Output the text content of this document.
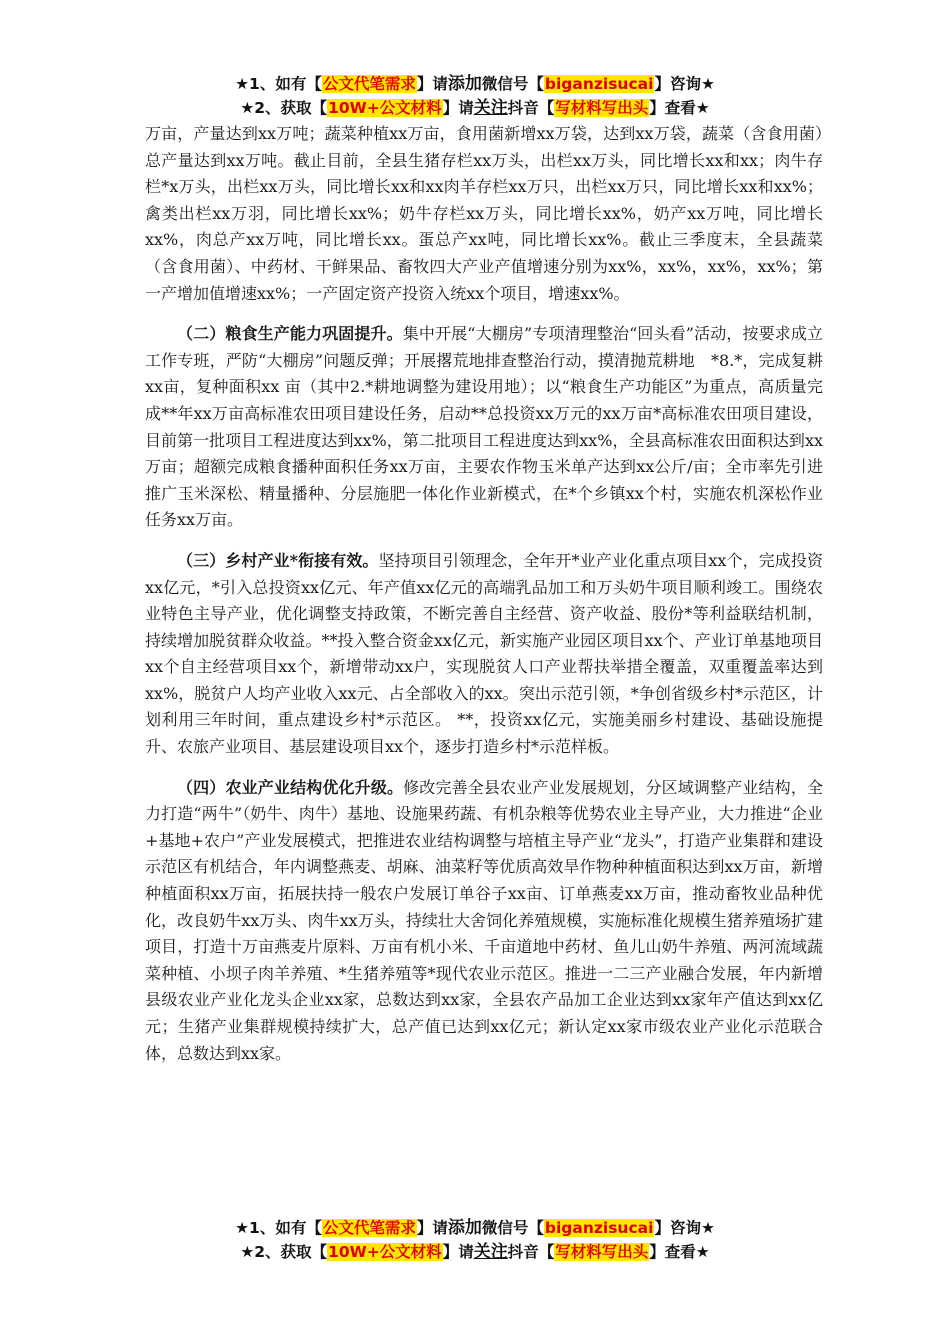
★1、如有【公文代笔需求】请添加微信号【biganzisucai】咨询★
★2、获取【10W+公文材料】请关注抖音【写材料写出头】查看★

万亩，产量达到xx万吨；蔬菜种植xx万亩，食用菌新增xx万袋，达到xx万袋，蔬菜（含食用菌）总产量达到xx万吨。截止目前，全县生猪存栏xx万头，出栏xx万头，同比增长xx和xx；肉牛存栏*x万头，出栏xx万头，同比增长xx和xx肉羊存栏xx万只，出栏xx万只，同比增长xx和xx%；禽类出栏xx万羽，同比增长xx%；奶牛存栏xx万头，同比增长xx%，奶产xx万吨，同比增长xx%，肉总产xx万吨，同比增长xx。蛋总产xx吨，同比增长xx%。截止三季度末，全县蔬菜（含食用菌）、中药材、干鲜果品、畜牧四大产业产值增速分别为xx%，xx%，xx%，xx%；第一产增加值增速xx%；一产固定资产投资入统xx个项目，增速xx%。

（二）粮食生产能力巩固提升。集中开展“大棚房”专项清理整治“回头看”活动，按要求成立工作专班，严防“大棚房”问题反弹；开展撂荒地排查整治行动，摸清抛荒耕地　*8.*，完成复耕xx亩，复种面积xx 亩（其中2.*耕地调整为建设用地）；以“粮食生产功能区”为重点，高质量完成**年xx万亩高标准农田项目建设任务，启动**总投资xx万元的xx万亩*高标准农田项目建设，目前第一批项目工程进度达到xx%，第二批项目工程进度达到xx%，全县高标准农田面积达到xx万亩；超额完成粮食播种面积任务xx万亩，主要农作物玉米单产达到xx公斤/亩；全市率先引进推广玉米深松、精量播种、分层施肥一体化作业新模式，在*个乡镇xx个村，实施农机深松作业任务xx万亩。

（三）乡村产业*衔接有效。坚持项目引领理念，全年开*业产业化重点项目xx个，完成投资xx亿元，*引入总投资xx亿元、年产值xx亿元的高端乳品加工和万头奶牛项目顺利竣工。围绕农业特色主导产业，优化调整支持政策，不断完善自主经营、资产收益、股份*等利益联结机制，持续增加脱贫群众收益。**投入整合资金xx亿元，新实施产业园区项目xx个、产业订单基地项目xx个自主经营项目xx个，新增带动xx户，实现脱贫人口产业帮扶举措全覆盖，双重覆盖率达到xx%，脱贫户人均产业收入xx元、占全部收入的xx。突出示范引领，*争创省级乡村*示范区，计划利用三年时间，重点建设乡村*示范区。 **，投资xx亿元，实施美丽乡村建设、基础设施提升、农旅产业项目、基层建设项目xx个，逐步打造乡村*示范样板。

（四）农业产业结构优化升级。修改完善全县农业产业发展规划，分区域调整产业结构，全力打造“两牛”（奶牛、肉牛）基地、设施果药蔬、有机杂粮等优势农业主导产业，大力推进“企业+基地+农户”产业发展模式，把推进农业结构调整与培植主导产业“龙头”，打造产业集群和建设示范区有机结合，年内调整燕麦、胡麻、油菜籽等优质高效旱作物种种植面积达到xx万亩，新增种植面积xx万亩，拓展扶持一般农户发展订单谷子xx亩、订单燕麦xx万亩，推动畜牧业品种优化，改良奶牛xx万头、肉牛xx万头，持续壮大舍饲化养殖规模，实施标准化规模生猪养殖场扩建项目，打造十万亩燕麦片原料、万亩有机小米、千亩道地中药材、鱼儿山奶牛养殖、两河流域蔬菜种植、小坝子肉羊养殖、*生猪养殖等*现代农业示范区。推进一二三产业融合发展，年内新增县级农业产业化龙头企业xx家，总数达到xx家，全县农产品加工企业达到xx家年产值达到xx亿元；生猪产业集群规模持续扩大，总产值已达到xx亿元；新认定xx家市级农业产业化示范联合体，总数达到xx家。

★1、如有【公文代笔需求】请添加微信号【biganzisucai】咨询★
★2、获取【10W+公文材料】请关注抖音【写材料写出头】查看★
